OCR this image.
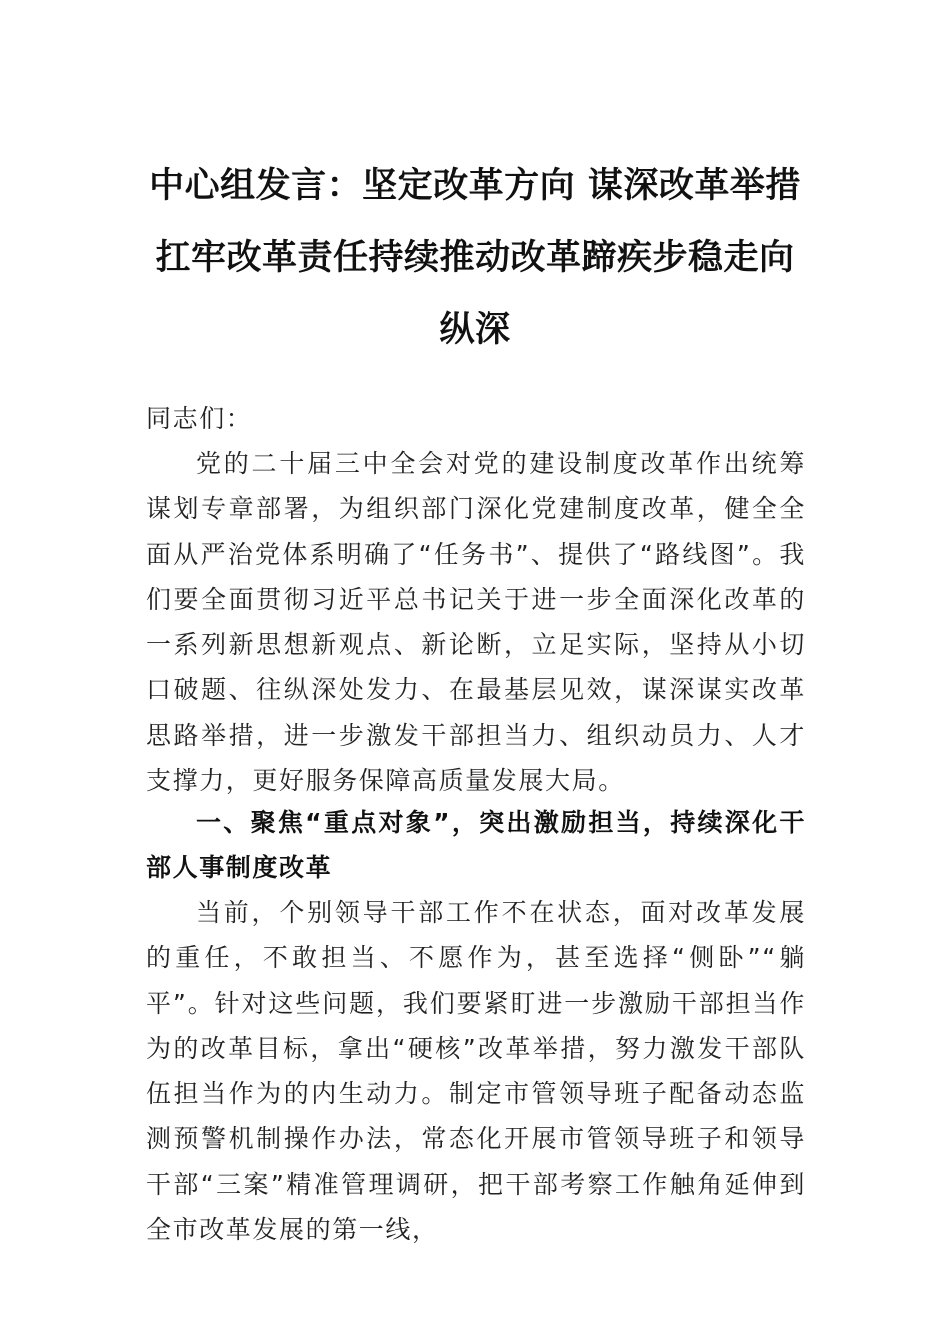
中心组发言：坚定改革方向 谋深改革举措
扛牢改革责任持续推动改革蹄疾步稳走向
纵深
同志们：
党的二十届三中全会对党的建设制度改革作出统筹谋划专章部署，为组织部门深化党建制度改革，健全全面从严治党体系明确了“任务书”、提供了“路线图”。我们要全面贯彻习近平总书记关于进一步全面深化改革的一系列新思想新观点、新论断，立足实际，坚持从小切口破题、往纵深处发力、在最基层见效，谋深谋实改革思路举措，进一步激发干部担当力、组织动员力、人才支撑力，更好服务保障高质量发展大局。
一、聚焦“重点对象”，突出激励担当，持续深化干部人事制度改革
当前，个别领导干部工作不在状态，面对改革发展的重任，不敢担当、不愿作为，甚至选择“侧卧”“躺平”。针对这些问题，我们要紧盯进一步激励干部担当作为的改革目标，拿出“硬核”改革举措，努力激发干部队伍担当作为的内生动力。制定市管领导班子配备动态监测预警机制操作办法，常态化开展市管领导班子和领导干部“三案”精准管理调研，把干部考察工作触角延伸到全市改革发展的第一线，
